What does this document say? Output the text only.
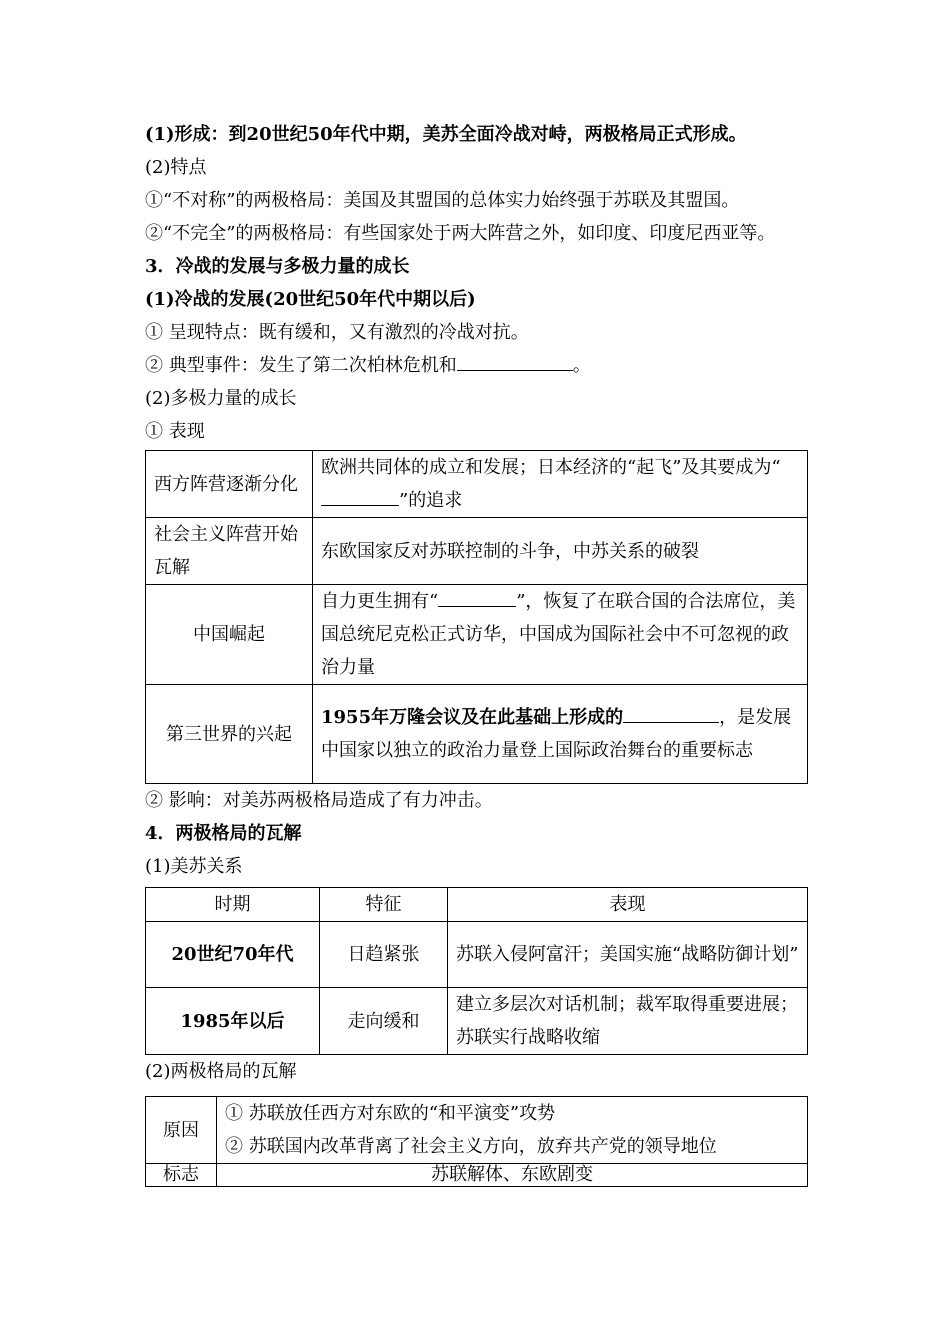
(1)形成：到20世纪50年代中期，美苏全面冷战对峙，两极格局正式形成。

(2)特点

①“不对称”的两极格局：美国及其盟国的总体实力始终强于苏联及其盟国。

②“不完全”的两极格局：有些国家处于两大阵营之外，如印度、印度尼西亚等。

3．冷战的发展与多极力量的成长

(1)冷战的发展(20世纪50年代中期以后)

① 呈现特点：既有缓和，又有激烈的冷战对抗。

② 典型事件：发生了第二次柏林危机和	。

(2)多极力量的成长

① 表现

西方阵营逐渐分化	欧洲共同体的成立和发展；日本经济的“起飞”及其要成为“”的追求
社会主义阵营开始瓦解	东欧国家反对苏联控制的斗争，中苏关系的破裂
中国崛起	自力更生拥有“ ”，恢复了在联合国的合法席位，美国总统尼克松正式访华，中国成为国际社会中不可忽视的政治力量
第三世界的兴起	1955年万隆会议及在此基础上形成的 ，是发展中国家以独立的政治力量登上国际政治舞台的重要标志

② 影响：对美苏两极格局造成了有力冲击。

4．两极格局的瓦解

(1)美苏关系

时期	特征	表现
20世纪70年代	日趋紧张	苏联入侵阿富汗；美国实施“战略防御计划”
1985年以后	走向缓和	建立多层次对话机制；裁军取得重要进展；苏联实行战略收缩

(2)两极格局的瓦解

原因	① 苏联放任西方对东欧的“和平演变”攻势
② 苏联国内改革背离了社会主义方向，放弃共产党的领导地位

标志	苏联解体、东欧剧变
